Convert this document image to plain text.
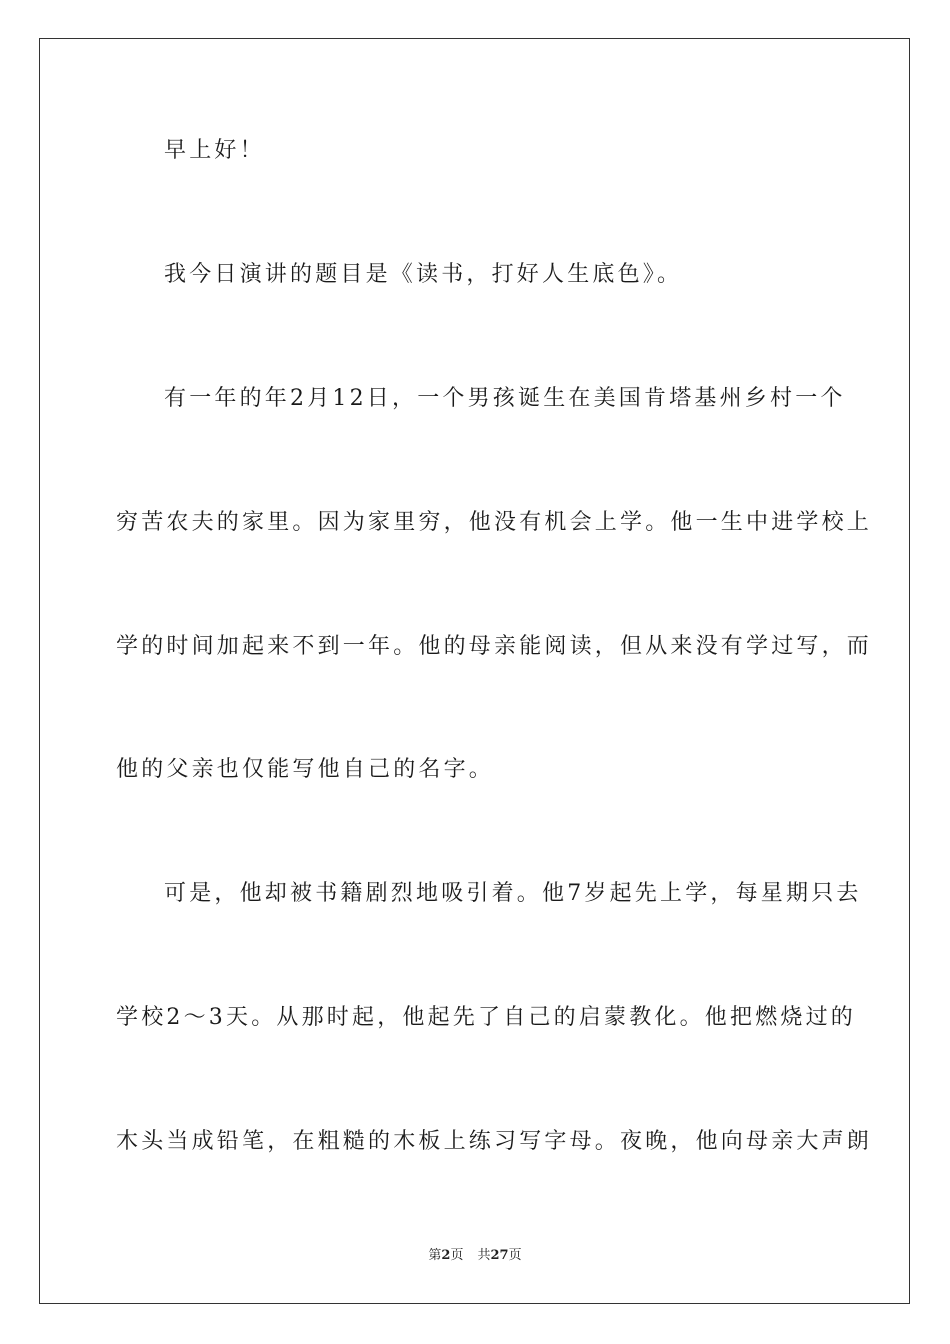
早上好！
我今日演讲的题目是《读书，打好人生底色》。
有一年的年2月12日，一个男孩诞生在美国肯塔基州乡村一个
穷苦农夫的家里。因为家里穷，他没有机会上学。他一生中进学校上
学的时间加起来不到一年。他的母亲能阅读，但从来没有学过写，而
他的父亲也仅能写他自己的名字。
可是，他却被书籍剧烈地吸引着。他7岁起先上学，每星期只去
学校2～3天。从那时起，他起先了自己的启蒙教化。他把燃烧过的
木头当成铅笔，在粗糙的木板上练习写字母。夜晚，他向母亲大声朗
第2页 共27页
